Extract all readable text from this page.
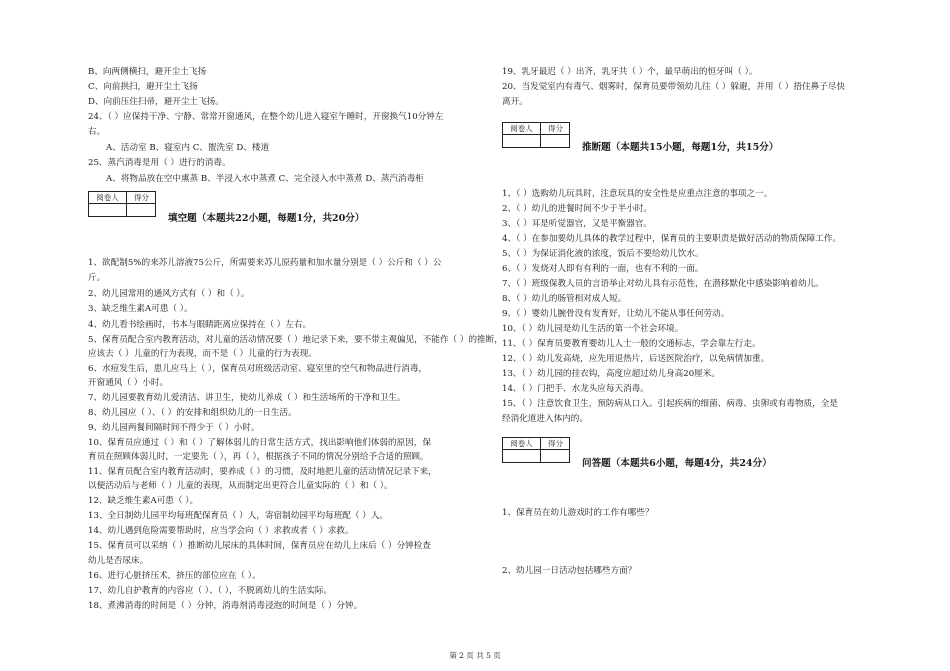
B、向两侧横扫，避开尘土飞扬
C、向前拱扫，避开尘土飞扬
D、向前压住扫帚，避开尘土飞扬。
24、（ ）应保持干净、宁静、常常开窗通风，在整个幼儿进入寝室午睡时，开窗换气10分钟左
右。
A、活动室 B、寝室内 C、盥洗室 D、楼道
25、蒸汽消毒是用（ ）进行的消毒。
A、将物品放在空中熏蒸 B、半浸入水中蒸煮 C、完全浸入水中蒸煮 D、蒸汽消毒柜
阅卷人	得分
填空题（本题共22小题，每题1分，共20分）
1、欲配制5%的来苏儿溶液75公斤，所需要来苏儿原药量和加水量分别是（ ）公斤和（ ）公
斤。
2、幼儿园常用的通风方式有（ ）和（ ）。
3、缺乏维生素A可患（ ）。
4、幼儿看书绘画时，书本与眼睛距离应保持在（ ）左右。
5、保育员配合室内教育活动，对儿童的活动情况要（ ）地记录下来，要不带主观偏见，不能作（ ）的推断，
应该去（ ）儿童的行为表现，而不是（ ）儿童的行为表现。
6、水痘发生后，患儿应马上（ ），保育员对班级活动室、寝室里的空气和物品进行消毒，
开窗通风（ ）小时。
7、幼儿园要教育幼儿爱清洁、讲卫生，使幼儿养成（ ）和生活场所的干净和卫生。
8、幼儿园应（ ）、（ ）的安排和组织幼儿的一日生活。
9、幼儿园两餐间隔时间不得少于（ ）小时。
10、保育员应通过（ ）和（ ）了解体弱儿的日常生活方式，找出影响他们体弱的原因，保
育员在照顾体弱儿时，一定要先（ ），再（ ），根据孩子不同的情况分别给予合适的照顾。
11、保育员配合室内教育活动时，要养成（ ）的习惯，及时地把儿童的活动情况记录下来，
以便活动后与老师（ ）儿童的表现，从而制定出更符合儿童实际的（ ）和（ ）。
12、缺乏维生素A可患（ ）。
13、全日制幼儿园平均每班配保育员（ ）人，寄宿制幼园平均每班配（ ）人。
14、幼儿遇到危险需要帮助时，应当学会向（ ）求救或者（ ）求救。
15、保育员可以采纳（ ）推断幼儿尿床的具体时间，保育员应在幼儿上床后（ ）分钟检查
幼儿是否尿床。
16、进行心脏挤压术，挤压的部位应在（ ）。
17、幼儿自护教育的内容应（ ）、（ ），不脱离幼儿的生活实际。
18、煮沸消毒的时间是（ ）分钟，消毒剂消毒浸泡的时间是（ ）分钟。
19、乳牙最迟（ ）出齐，乳牙共（ ）个，最早萌出的恒牙叫（ ）。
20、当发觉室内有毒气、烟雾时，保育员要带领幼儿往（ ）躲避，并用（ ）捂住鼻子尽快
离开。
阅卷人	得分
推断题（本题共15小题，每题1分，共15分）
1、（ ）选购幼儿玩具时，注意玩具的安全性是应重点注意的事项之一。
2、（ ）幼儿的进餐时间不少于半小时。
3、（ ）耳是听觉器官，又是平衡器官。
4、（ ）在参加要幼儿具体的教学过程中，保育员的主要职责是做好活动的物质保障工作。
5、（ ）为保证消化液的浓度，饭后不要给幼儿饮水。
6、（ ）发烧对人即有有利的一面，也有不利的一面。
7、（ ）班级保教人员的言语举止对幼儿具有示范性，在潜移默化中感染影响着幼儿。
8、（ ）幼儿的肠管相对成人短。
9、（ ）婴幼儿腕骨没有发育好，让幼儿不能从事任何劳动。
10、（ ）幼儿园是幼儿生活的第一个社会环境。
11、（ ）保育员要教育婴幼儿人士一般的交通标志，学会靠左行走。
12、（ ）幼儿发高烧，应先用退热片，后送医院治疗，以免病情加重。
13、（ ）幼儿园的挂衣钩，高度应超过幼儿身高20厘米。
14、（ ）门把手、水龙头应每天消毒。
15、（ ）注意饮食卫生，预防病从口入。引起疾病的细菌、病毒、虫卵或有毒物质，全是
经消化道进入体内的。
阅卷人	得分
问答题（本题共6小题，每题4分，共24分）
1、保育员在幼儿游戏时的工作有哪些？
2、幼儿园一日活动包括哪些方面？
第 2 页 共 5 页
